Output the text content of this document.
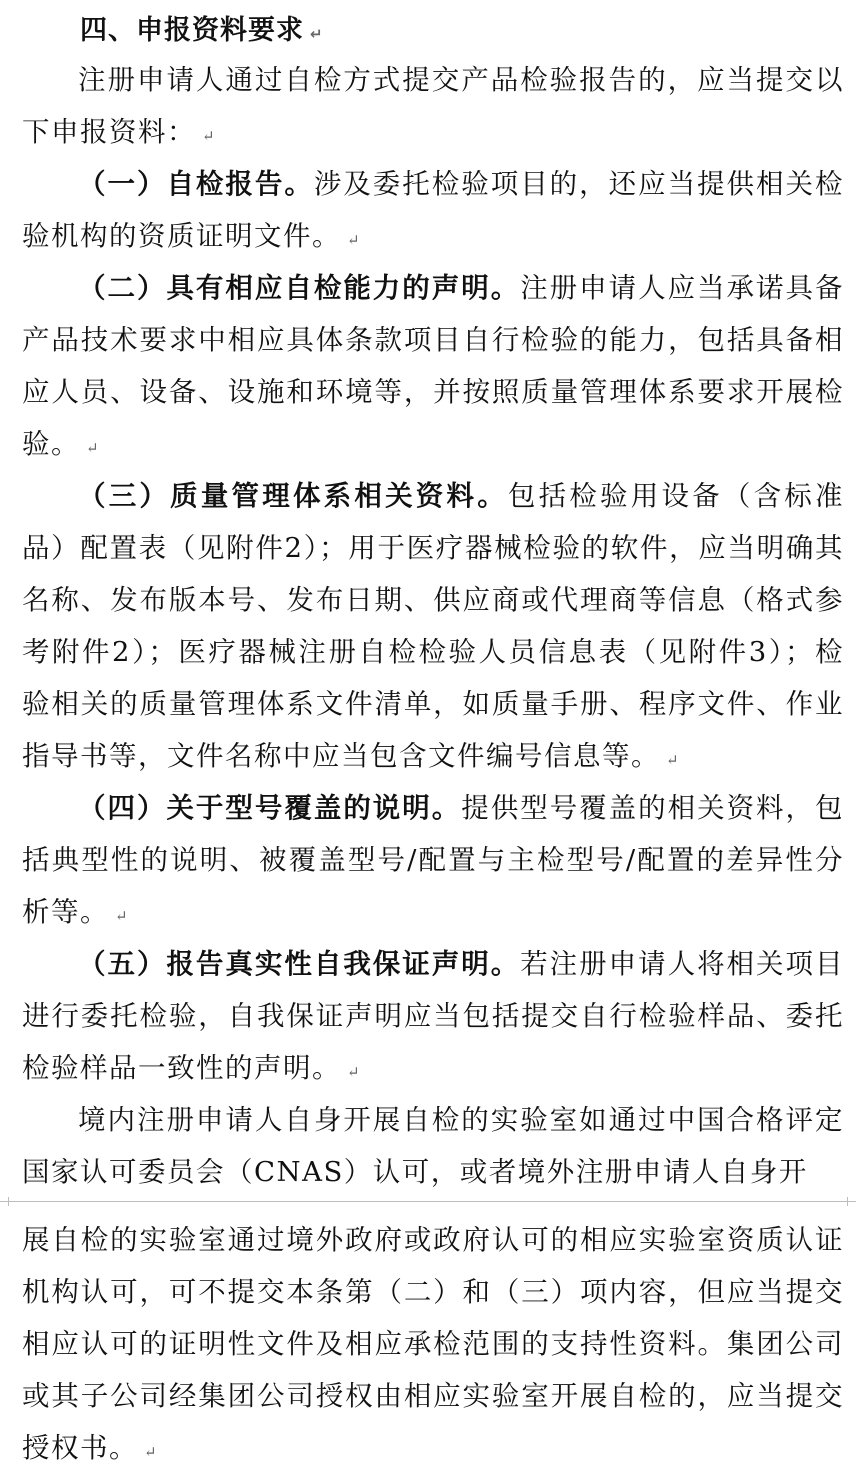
四、申报资料要求 ↵

注册申请人通过自检方式提交产品检验报告的，应当提交以下申报资料： ↵

（一）自检报告。涉及委托检验项目的，还应当提供相关检验机构的资质证明文件。 ↵

（二）具有相应自检能力的声明。注册申请人应当承诺具备产品技术要求中相应具体条款项目自行检验的能力，包括具备相应人员、设备、设施和环境等，并按照质量管理体系要求开展检验。 ↵

（三）质量管理体系相关资料。包括检验用设备（含标准品）配置表（见附件2）；用于医疗器械检验的软件，应当明确其名称、发布版本号、发布日期、供应商或代理商等信息（格式参考附件2）；医疗器械注册自检检验人员信息表（见附件3）；检验相关的质量管理体系文件清单，如质量手册、程序文件、作业指导书等，文件名称中应当包含文件编号信息等。 ↵

（四）关于型号覆盖的说明。提供型号覆盖的相关资料，包括典型性的说明、被覆盖型号/配置与主检型号/配置的差异性分析等。 ↵

（五）报告真实性自我保证声明。若注册申请人将相关项目进行委托检验，自我保证声明应当包括提交自行检验样品、委托检验样品一致性的声明。 ↵

境内注册申请人自身开展自检的实验室如通过中国合格评定国家认可委员会（CNAS）认可，或者境外注册申请人自身开

展自检的实验室通过境外政府或政府认可的相应实验室资质认证机构认可，可不提交本条第（二）和（三）项内容，但应当提交相应认可的证明性文件及相应承检范围的支持性资料。集团公司或其子公司经集团公司授权由相应实验室开展自检的，应当提交授权书。 ↵
